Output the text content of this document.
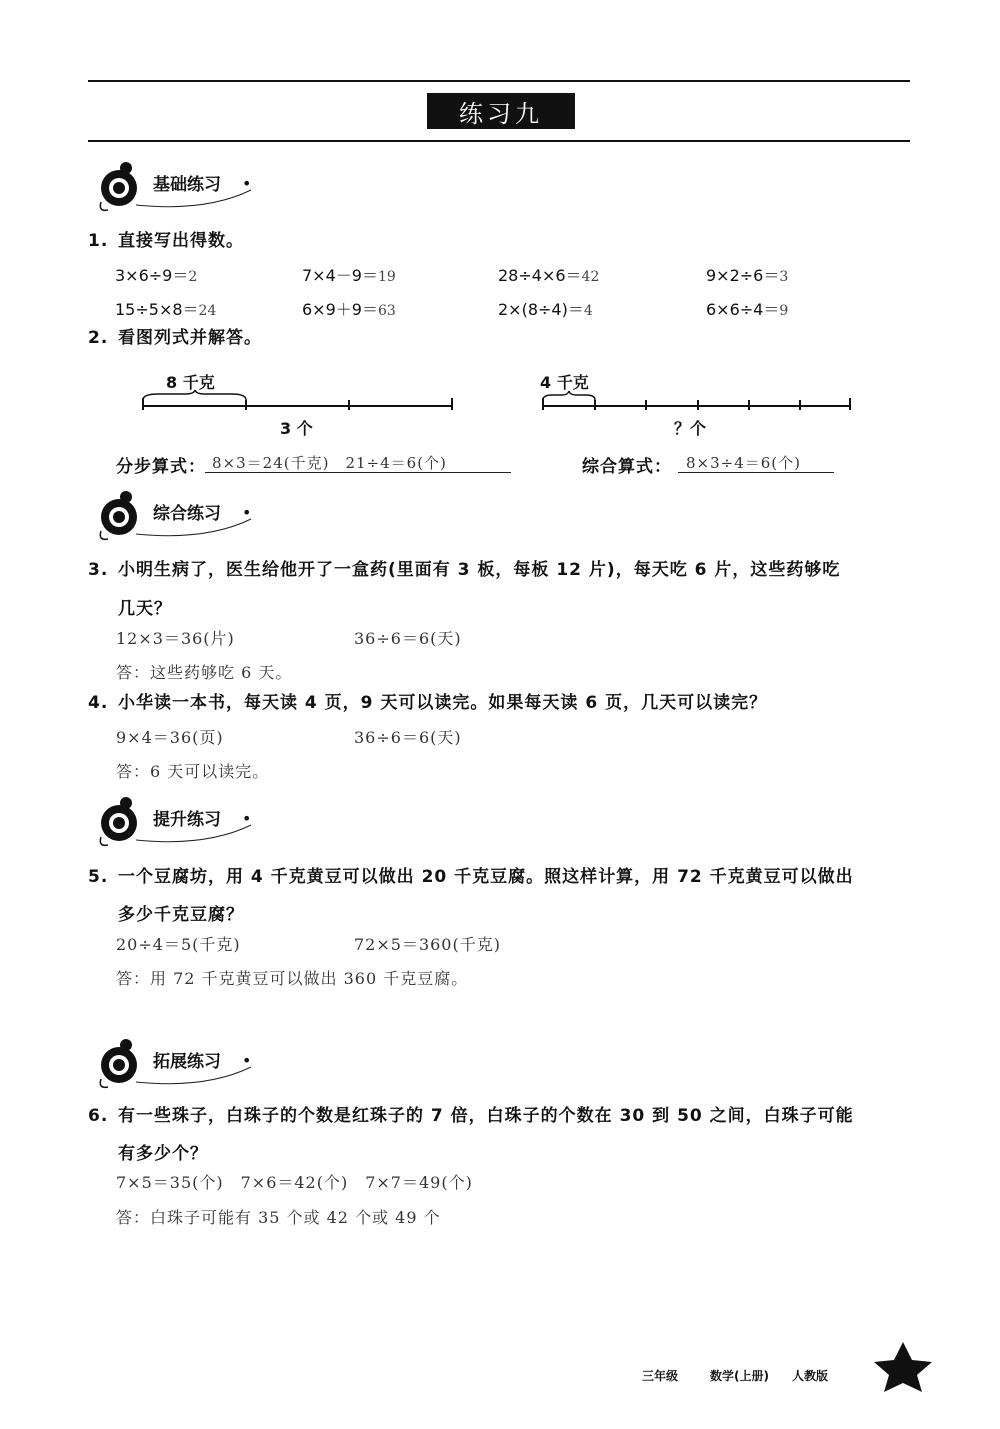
练习九
基础练习 •
1. 直接写出得数。
3×6÷9＝2	7×4－9＝19	28÷4×6＝42	9×2÷6＝3
15÷5×8＝24	6×9＋9＝63	2×(8÷4)＝4	6×6÷4＝9
2. 看图列式并解答。
8 千克
3 个
4 千克
？个
分步算式： 8×3＝24(千克)　21÷4＝6(个)	综合算式： 8×3÷4＝6(个)
综合练习 •
3. 小明生病了，医生给他开了一盒药(里面有 3 板，每板 12 片)，每天吃 6 片，这些药够吃
几天？
12×3＝36(片)	36÷6＝6(天)
答：这些药够吃 6 天。
4. 小华读一本书，每天读 4 页，9 天可以读完。如果每天读 6 页，几天可以读完？
9×4＝36(页)	36÷6＝6(天)
答：6 天可以读完。
提升练习 •
5. 一个豆腐坊，用 4 千克黄豆可以做出 20 千克豆腐。照这样计算，用 72 千克黄豆可以做出
多少千克豆腐？
20÷4＝5(千克)	72×5＝360(千克)
答：用 72 千克黄豆可以做出 360 千克豆腐。
拓展练习 •
6. 有一些珠子，白珠子的个数是红珠子的 7 倍，白珠子的个数在 30 到 50 之间，白珠子可能
有多少个？
7×5＝35(个)　7×6＝42(个)　7×7＝49(个)
答：白珠子可能有 35 个或 42 个或 49 个
三年级	数学(上册) 人教版
